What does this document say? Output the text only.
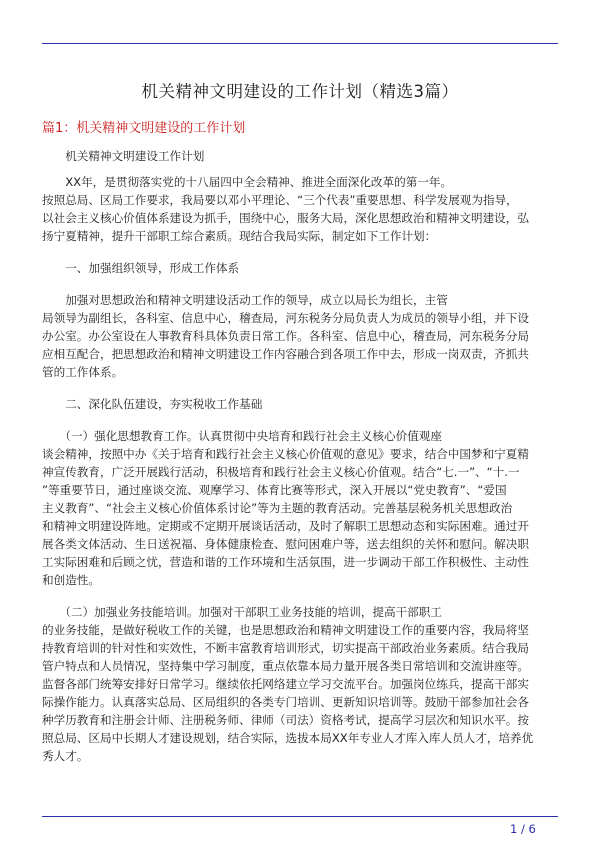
机关精神文明建设的工作计划（精选3篇）
篇1：机关精神文明建设的工作计划
　　机关精神文明建设工作计划
　　XX年，是贯彻落实党的十八届四中全会精神、推进全面深化改革的第一年。
按照总局、区局工作要求，我局要以邓小平理论、“三个代表”重要思想、科学发展观为指导，
以社会主义核心价值体系建设为抓手，围绕中心，服务大局，深化思想政治和精神文明建设，弘
扬宁夏精神，提升干部职工综合素质。现结合我局实际，制定如下工作计划：
　　一、加强组织领导，形成工作体系
　　加强对思想政治和精神文明建设活动工作的领导，成立以局长为组长，主管
局领导为副组长，各科室、信息中心，稽查局，河东税务分局负责人为成员的领导小组，并下设
办公室。办公室设在人事教育科具体负责日常工作。各科室、信息中心，稽查局，河东税务分局
应相互配合，把思想政治和精神文明建设工作内容融合到各项工作中去，形成一岗双责，齐抓共
管的工作体系。
　　二、深化队伍建设，夯实税收工作基础
　　（一）强化思想教育工作。认真贯彻中央培育和践行社会主义核心价值观座
谈会精神，按照中办《关于培育和践行社会主义核心价值观的意见》要求，结合中国梦和宁夏精
神宣传教育，广泛开展践行活动，积极培育和践行社会主义核心价值观。结合“七.一”、“十.一
”等重要节日，通过座谈交流、观摩学习、体育比赛等形式，深入开展以“党史教育”、“爱国
主义教育”、“社会主义核心价值体系讨论”等为主题的教育活动。完善基层税务机关思想政治
和精神文明建设阵地。定期或不定期开展谈话活动，及时了解职工思想动态和实际困难。通过开
展各类文体活动、生日送祝福、身体健康检查、慰问困难户等，送去组织的关怀和慰问。解决职
工实际困难和后顾之忧，营造和谐的工作环境和生活氛围，进一步调动干部工作积极性、主动性
和创造性。
　　（二）加强业务技能培训。加强对干部职工业务技能的培训，提高干部职工
的业务技能，是做好税收工作的关键，也是思想政治和精神文明建设工作的重要内容，我局将坚
持教育培训的针对性和实效性，不断丰富教育培训形式，切实提高干部政治业务素质。结合我局
管户特点和人员情况，坚持集中学习制度，重点依靠本局力量开展各类日常培训和交流讲座等。
监督各部门统筹安排好日常学习。继续依托网络建立学习交流平台。加强岗位练兵，提高干部实
际操作能力。认真落实总局、区局组织的各类专门培训、更新知识培训等。鼓励干部参加社会各
种学历教育和注册会计师、注册税务师、律师（司法）资格考试，提高学习层次和知识水平。按
照总局、区局中长期人才建设规划，结合实际，选拔本局XX年专业人才库入库人员人才，培养优
秀人才。
1 / 6
